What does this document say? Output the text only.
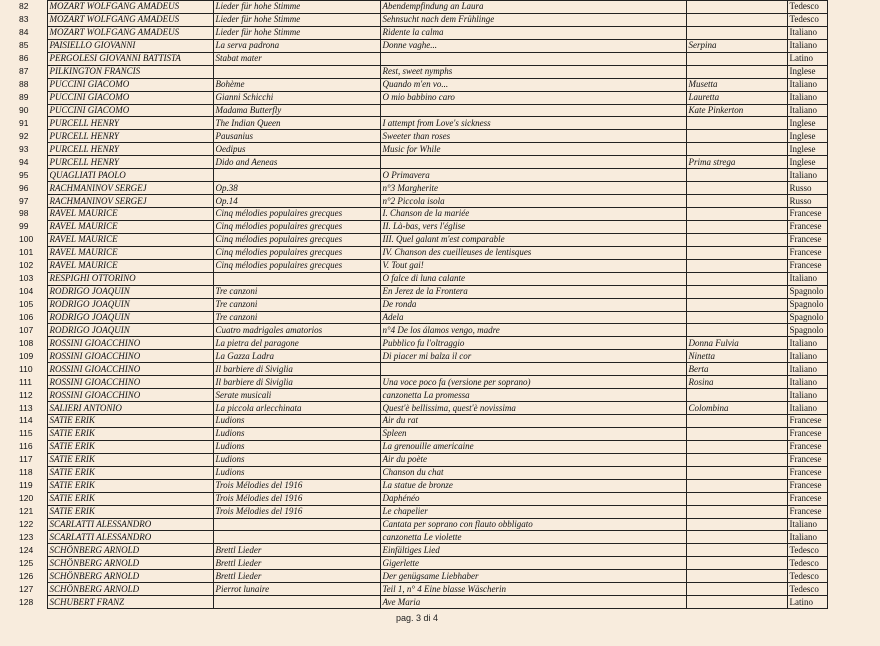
82	MOZART WOLFGANG AMADEUS	Lieder für hohe Stimme	Abendempfindung an Laura		Tedesco
83	MOZART WOLFGANG AMADEUS	Lieder für hohe Stimme	Sehnsucht nach dem Frühlinge		Tedesco
84	MOZART WOLFGANG AMADEUS	Lieder für hohe Stimme	Ridente la calma		Italiano
85	PAISIELLO GIOVANNI	La serva padrona	Donne vaghe...	Serpina	Italiano
86	PERGOLESI GIOVANNI BATTISTA	Stabat mater			Latino
87	PILKINGTON FRANCIS		Rest, sweet nymphs		Inglese
88	PUCCINI GIACOMO	Bohème	Quando m'en vo...	Musetta	Italiano
89	PUCCINI GIACOMO	Gianni Schicchi	O mio babbino caro	Lauretta	Italiano
90	PUCCINI GIACOMO	Madama Butterfly		Kate Pinkerton	Italiano
91	PURCELL HENRY	The Indian Queen	I attempt from Love's sickness		Inglese
92	PURCELL HENRY	Pausanius	Sweeter than roses		Inglese
93	PURCELL HENRY	Oedipus	Music for While		Inglese
94	PURCELL HENRY	Dido and Aeneas		Prima strega	Inglese
95	QUAGLIATI PAOLO		O Primavera		Italiano
96	RACHMANINOV SERGEJ	Op.38	n°3 Margherite		Russo
97	RACHMANINOV SERGEJ	Op.14	n°2 Piccola isola		Russo
98	RAVEL MAURICE	Cinq mélodies populaires grecques	I. Chanson de la mariée		Francese
99	RAVEL MAURICE	Cinq mélodies populaires grecques	II. Là-bas, vers l'église		Francese
100	RAVEL MAURICE	Cinq mélodies populaires grecques	III. Quel galant m'est comparable		Francese
101	RAVEL MAURICE	Cinq mélodies populaires grecques	IV. Chanson des cueilleuses de lentisques		Francese
102	RAVEL MAURICE	Cinq mélodies populaires grecques	V. Tout gai!		Francese
103	RESPIGHI OTTORINO		O falce di luna calante		Italiano
104	RODRIGO JOAQUIN	Tre canzoni	En Jerez de la Frontera		Spagnolo
105	RODRIGO JOAQUIN	Tre canzoni	De ronda		Spagnolo
106	RODRIGO JOAQUIN	Tre canzoni	Adela		Spagnolo
107	RODRIGO JOAQUIN	Cuatro madrigales amatorios	n°4 De los álamos vengo, madre		Spagnolo
108	ROSSINI GIOACCHINO	La pietra del paragone	Pubblico fu l'oltraggio	Donna Fulvia	Italiano
109	ROSSINI GIOACCHINO	La Gazza Ladra	Di piacer mi balza il cor	Ninetta	Italiano
110	ROSSINI GIOACCHINO	Il barbiere di Siviglia		Berta	Italiano
111	ROSSINI GIOACCHINO	Il barbiere di Siviglia	Una voce poco fa (versione per soprano)	Rosina	Italiano
112	ROSSINI GIOACCHINO	Serate musicali	canzonetta La promessa		Italiano
113	SALIERI ANTONIO	La piccola arlecchinata	Quest'è bellissima, quest'è novissima	Colombina	Italiano
114	SATIE ERIK	Ludions	Air du rat		Francese
115	SATIE ERIK	Ludions	Spleen		Francese
116	SATIE ERIK	Ludions	La grenouille americaine		Francese
117	SATIE ERIK	Ludions	Air du poète		Francese
118	SATIE ERIK	Ludions	Chanson du chat		Francese
119	SATIE ERIK	Trois Mélodies del 1916	La statue de bronze		Francese
120	SATIE ERIK	Trois Mélodies del 1916	Daphénéo		Francese
121	SATIE ERIK	Trois Mélodies del 1916	Le chapelier		Francese
122	SCARLATTI ALESSANDRO		Cantata per soprano con flauto obbligato		Italiano
123	SCARLATTI ALESSANDRO		canzonetta Le violette		Italiano
124	SCHÖNBERG ARNOLD	Brettl Lieder	Einfältiges Lied		Tedesco
125	SCHÖNBERG ARNOLD	Brettl Lieder	Gigerlette		Tedesco
126	SCHÖNBERG ARNOLD	Brettl Lieder	Der genügsame Liebhaber		Tedesco
127	SCHÖNBERG ARNOLD	Pierrot lunaire	Teil 1, n° 4 Eine blasse Wäscherin		Tedesco
128	SCHUBERT FRANZ		Ave Maria		Latino
pag. 3 di 4
